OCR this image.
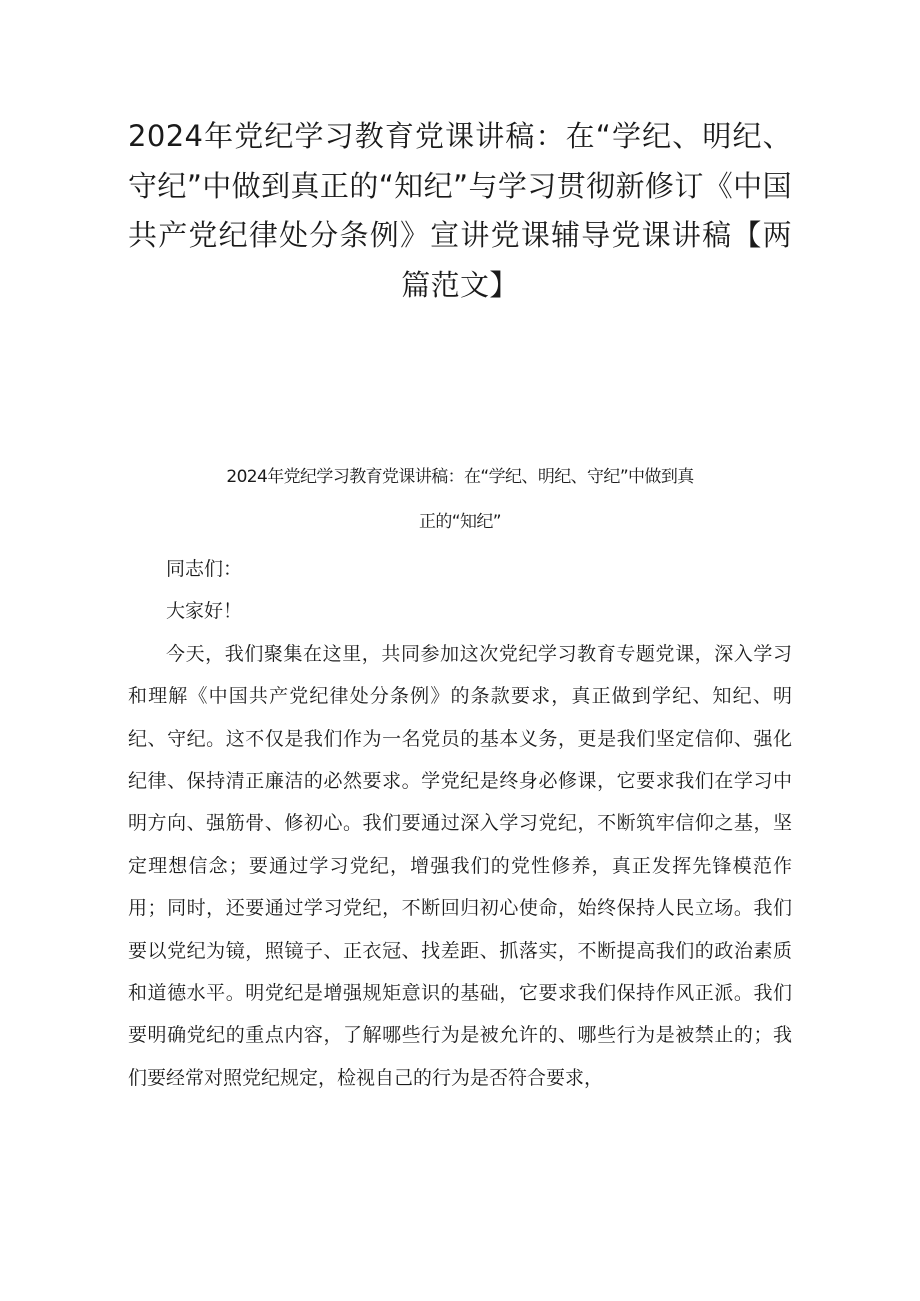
2024年党纪学习教育党课讲稿：在“学纪、明纪、守纪”中做到真正的“知纪”与学习贯彻新修订《中国共产党纪律处分条例》宣讲党课辅导党课讲稿【两篇范文】
2024年党纪学习教育党课讲稿：在“学纪、明纪、守纪”中做到真
正的“知纪”

同志们：

大家好！

今天，我们聚集在这里，共同参加这次党纪学习教育专题党课，深入学习和理解《中国共产党纪律处分条例》的条款要求，真正做到学纪、知纪、明纪、守纪。这不仅是我们作为一名党员的基本义务，更是我们坚定信仰、强化纪律、保持清正廉洁的必然要求。学党纪是终身必修课，它要求我们在学习中明方向、强筋骨、修初心。我们要通过深入学习党纪，不断筑牢信仰之基，坚定理想信念；要通过学习党纪，增强我们的党性修养，真正发挥先锋模范作用；同时，还要通过学习党纪，不断回归初心使命，始终保持人民立场。我们要以党纪为镜，照镜子、正衣冠、找差距、抓落实，不断提高我们的政治素质和道德水平。明党纪是增强规矩意识的基础，它要求我们保持作风正派。我们要明确党纪的重点内容，了解哪些行为是被允许的、哪些行为是被禁止的；我们要经常对照党纪规定，检视自己的行为是否符合要求，
